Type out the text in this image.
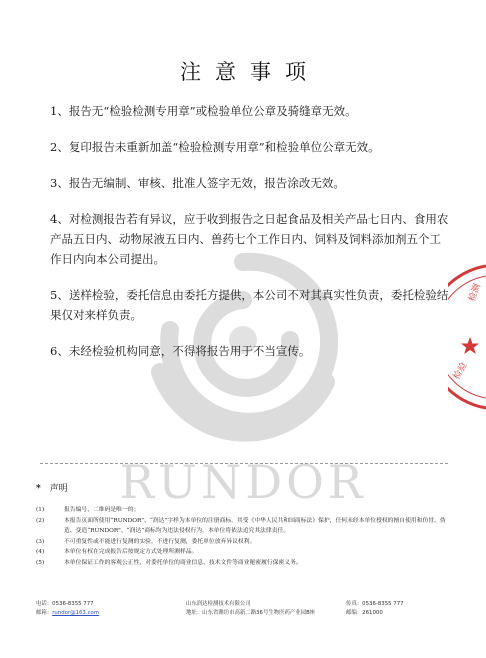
RUNDOR
注意事项

1、报告无“检验检测专用章”或检验单位公章及骑缝章无效。

2、复印报告未重新加盖“检验检测专用章”和检验单位公章无效。

3、报告无编制、审核、批准人签字无效，报告涂改无效。

4、对检测报告若有异议，应于收到报告之日起食品及相关产品七日内、食用农产品五日内、动物尿液五日内、兽药七个工作日内、饲料及饲料添加剂五个工作日内向本公司提出。

5、送样检验，委托信息由委托方提供，本公司不对其真实性负责，委托检验结果仅对来样负责。

6、未经检验机构同意，不得将报告用于不当宣传。

* 声明
(1)	报告编号、二维码是唯一的；
(2)	本报告页面所使用“RUNDOR”、“润达”字样为本单位的注册商标，其受《中华人民共和国商标法》保护，任何未经本单位授权的擅自使用和仿冒、伪造、变造“RUNDOR”、“润达”商标均为违法侵权行为，本单位将依法追究其法律责任。
(3)	不可重复性或不能进行复测的实验，不进行复测，委托单位放弃异议权利。
(4)	本单位有权在完成报告后按规定方式处理所测样品。
(5)	本单位保证工作的客观公正性，对委托单位的商业信息、技术文件等商业秘密履行保密义务。
电话：0536-8355 777	山东润达检测技术有限公司	传真：0536-8355 777
邮箱：rundor@163.com	地址：山东省潍坊市高新二路36号生物医药产业园B座	邮编：261000
检测
检验
